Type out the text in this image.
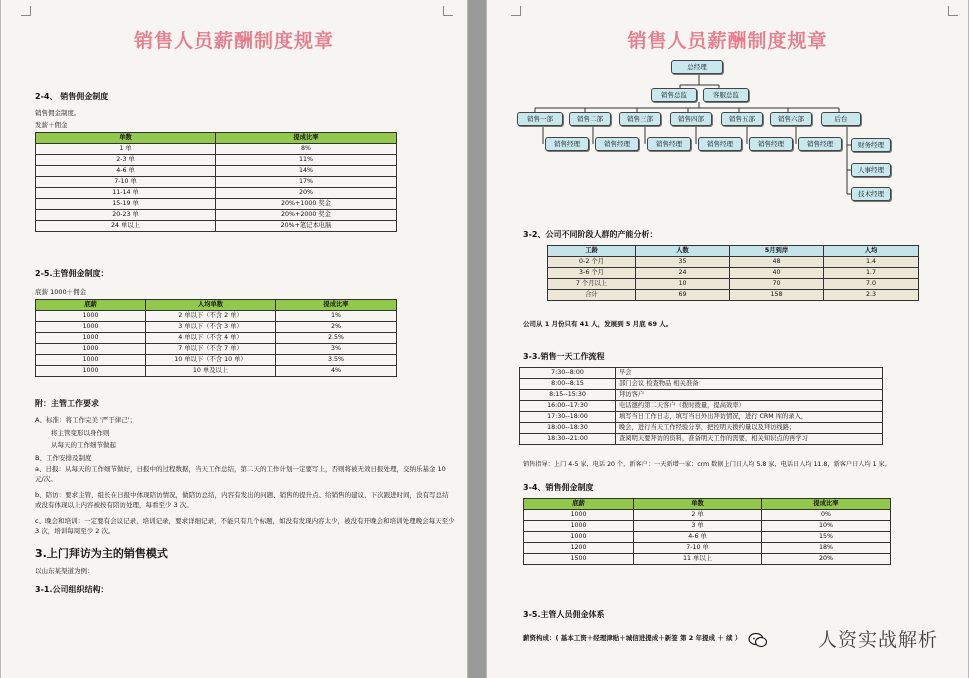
销售人员薪酬制度规章
2-4、 销售佣金制度
销售佣金制度。
发薪＋佣金
单数	提成比率
1 单	8%
2-3 单	11%
4-6 单	14%
7-10 单	17%
11-14 单	20%
15-19 单	20%+1000 奖金
20-23 单	20%+2000 奖金
24 单以上	20%+笔记本电脑
2-5.主管佣金制度：
底薪 1000＋佣金
底薪	人均单数	提成比率
1000	2 单以下（不含 2 单）	1%
1000	3 单以下（不含 3 单）	2%
1000	4 单以下（不含 4 单）	2.5%
1000	7 单以下（不含 7 单）	3%
1000	10 单以下（不含 10 单）	3.5%
1000	10 单及以上	4%
附：主管工作要求
A、标准：将工作完美 '严于律己'；
将主管变形以身作则
从每天的工作细节做起
B、工作安排及制度
a、日报：从每天的工作细节做好，日报中的过程数据，当天工作总结，第二天的工作计划一定要写上，否则将被无效日报处理，交纳乐基金 10 元/次。
b、陪访：要求主管，组长在日报中体现陪访情况，做陪访总结，内容有发出的问题、销售的提升点、给销售的建议，下次跟进时间，没有写总结或没有体现以上内容被按有陪访处理，每看至少 3 次。
c、晚会和培训：一定要有会议记录，培训记录，要求详细记录，不能只有几个标题，如没有发现内容太少，被没有开晚会和培训处理晚会每天至少 3 次，培训每周至少 2 次。
3.上门拜访为主的销售模式
以山东某渠道为例：
3-1.公司组织结构：
销售人员薪酬制度规章
总经理
销售总监	客服总监
销售一部	销售二部	销售三部	销售四部	销售五部	销售六部	后台
销售经理	销售经理	销售经理	销售经理	销售经理	销售经理	财务经理
人事经理
技术经理
3-2、公司不同阶段人群的产能分析：
工龄	人数	5月到岸	人均
0-2 个月	35	48	1.4
3-6 个月	24	40	1.7
7 个月以上	10	70	7.0
合计	69	158	2.3
公司从 1 月份只有 41 人，发展到 5 月底 69 人。
3-3.销售一天工作流程
7:30--8:00	早会
8:00--8:15	部门会议 检查物品 相关准备
8:15--15:30	拜访客户
16:00--17:30	电话邀约第二天客户（拨时拨量，提高效率）
17:30--18:00	填写当日工作日志，填写当日外出拜访情况，进行 CRM 库的录入，
18:00--18:30	晚会，进行当天工作经验分享，把控明天拨约量以及拜访线路；
18:30--21:00	查阅明天要拜访的资料，准备明天工作的需要，相关知识点的再学习
销售指导：上门 4-5 家，电话 20 个，新客户：一天新增一家；crm 数据上门日人均 5.8 家，电话日人均 11.8，新客户日人均 1 家。
3-4、销售佣金制度
底薪	单数	提成比率
1000	2 单	0%
1000	3 单	10%
1000	4-6 单	15%
1200	7-10 单	18%
1500	11 单以上	20%
3-5.主管人员佣金体系
薪资构成：( 基本工资＋经理津贴＋城信进提成＋新签 第 2 年提成 ＋ 续 ）	人资实战解析
